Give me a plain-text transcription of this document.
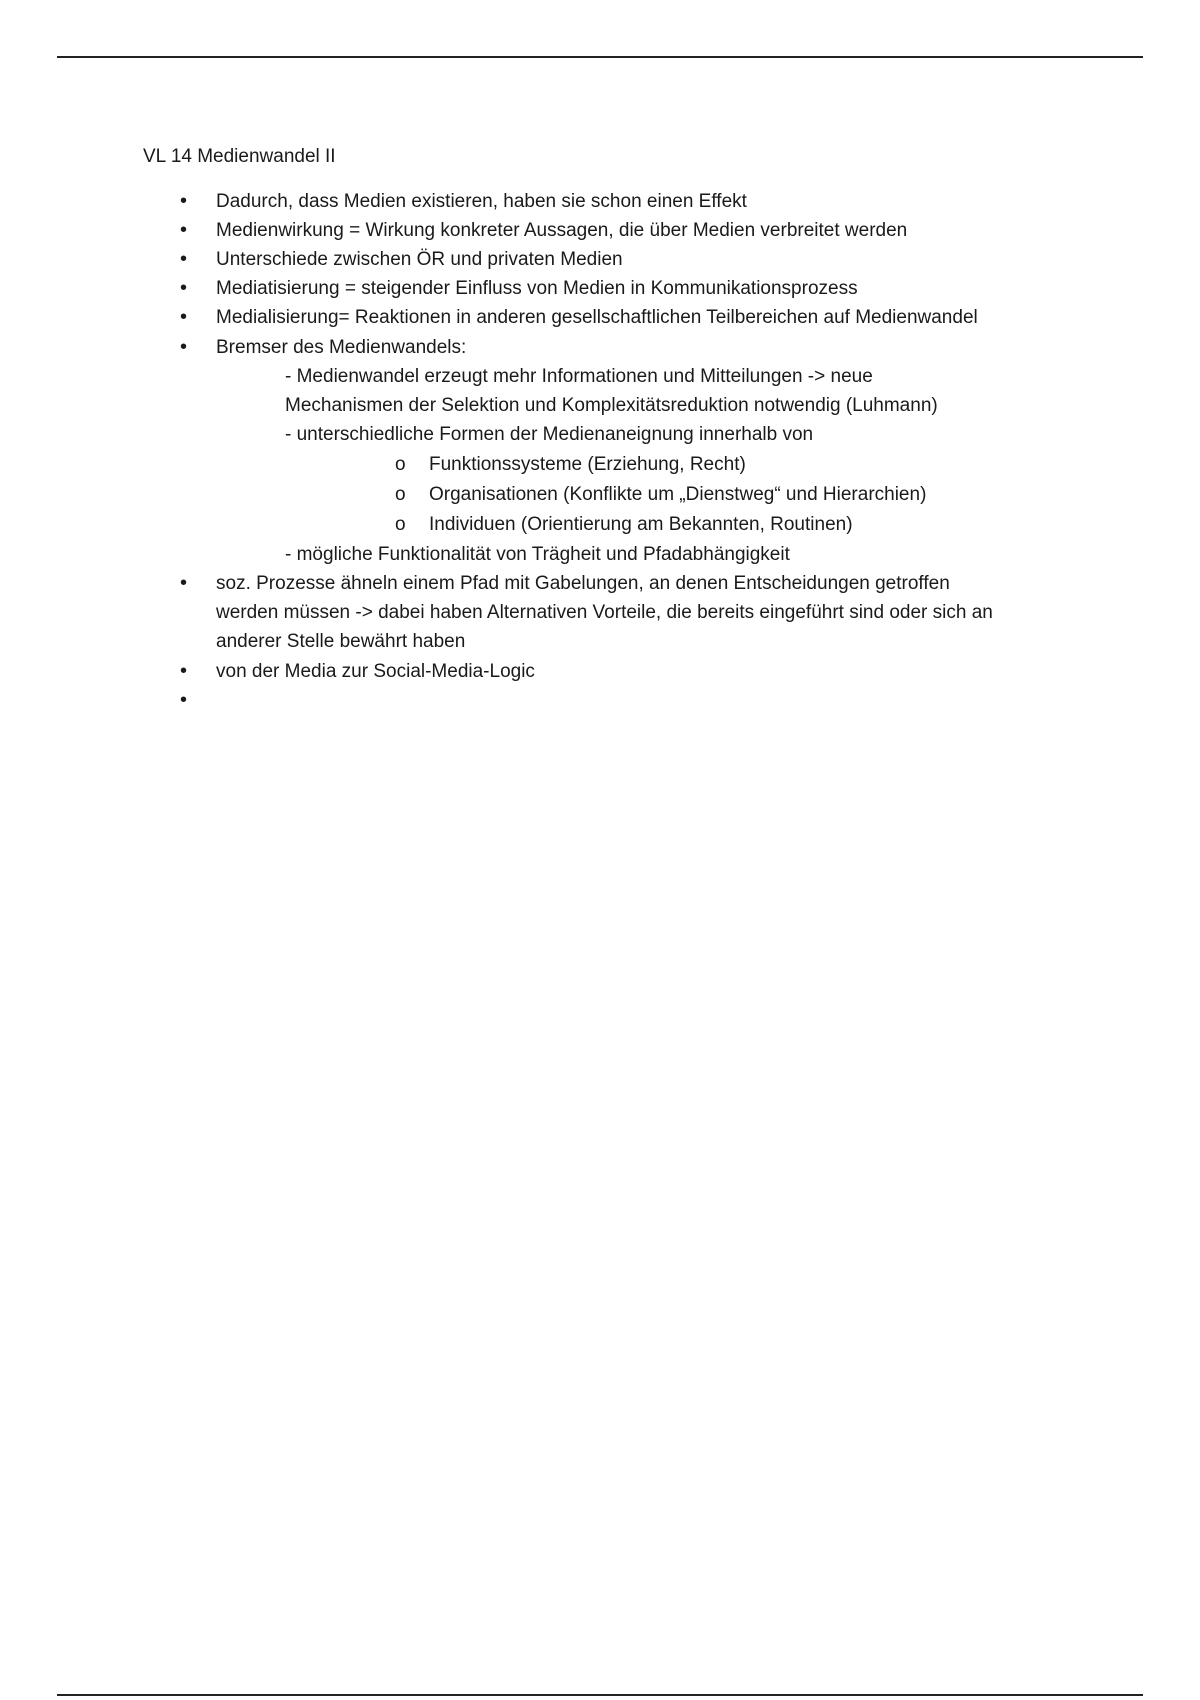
VL 14 Medienwandel II
• Dadurch, dass Medien existieren, haben sie schon einen Effekt
• Medienwirkung = Wirkung konkreter Aussagen, die über Medien verbreitet werden
• Unterschiede zwischen ÖR und privaten Medien
• Mediatisierung = steigender Einfluss von Medien in Kommunikationsprozess
• Medialisierung= Reaktionen in anderen gesellschaftlichen Teilbereichen auf Medienwandel
• Bremser des Medienwandels:
- Medienwandel erzeugt mehr Informationen und Mitteilungen -> neue
Mechanismen der Selektion und Komplexitätsreduktion notwendig (Luhmann)
- unterschiedliche Formen der Medienaneignung innerhalb von
o Funktionssysteme (Erziehung, Recht)
o Organisationen (Konflikte um „Dienstweg“ und Hierarchien)
o Individuen (Orientierung am Bekannten, Routinen)
- mögliche Funktionalität von Trägheit und Pfadabhängigkeit
• soz. Prozesse ähneln einem Pfad mit Gabelungen, an denen Entscheidungen getroffen
werden müssen -> dabei haben Alternativen Vorteile, die bereits eingeführt sind oder sich an
anderer Stelle bewährt haben
• von der Media zur Social-Media-Logic
•
